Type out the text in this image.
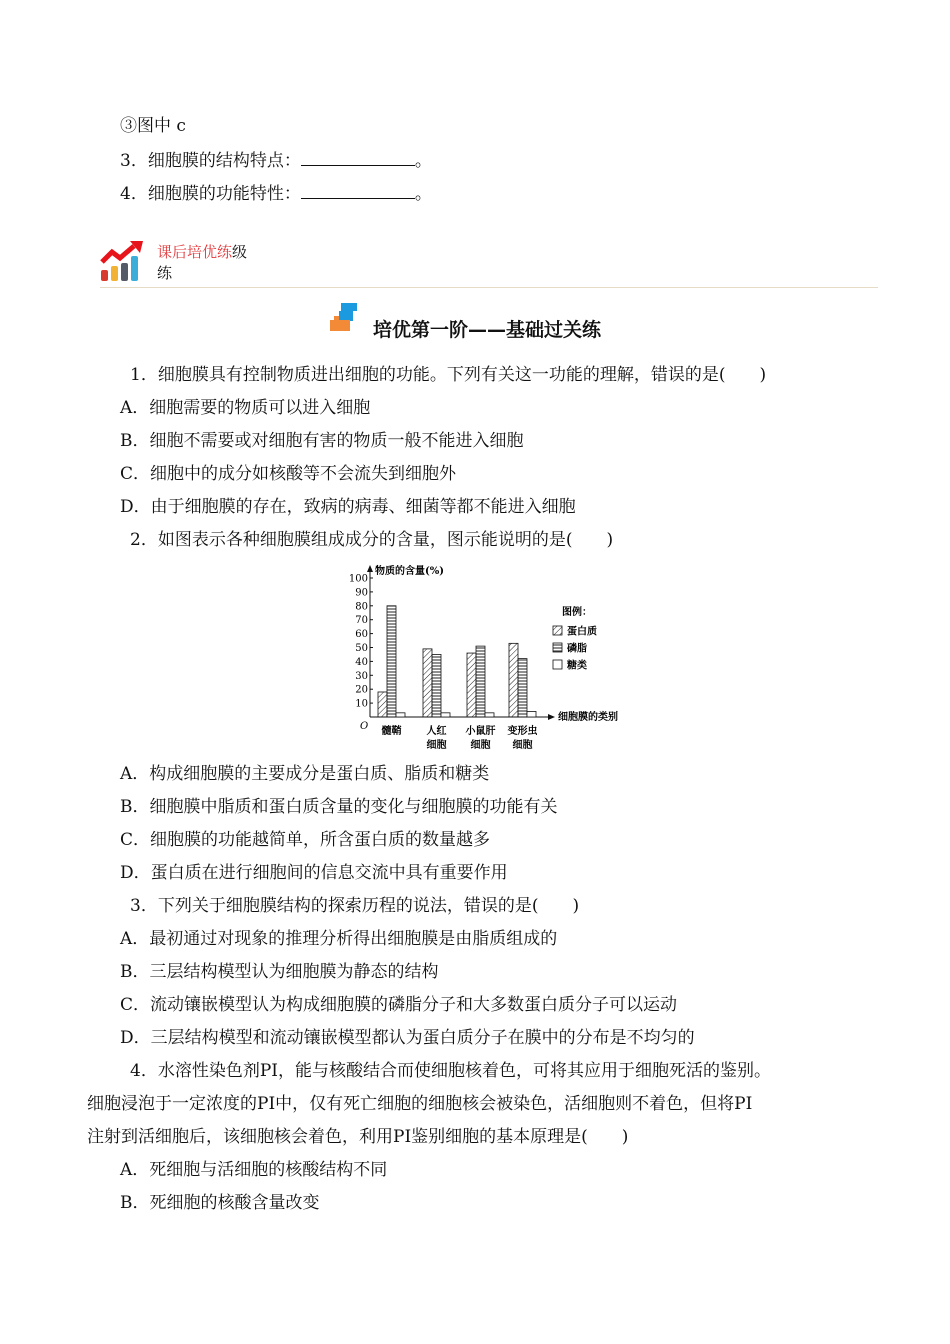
③图中 c
3．细胞膜的结构特点：	。
4．细胞膜的功能特性：	。
课后培优练级
练
培优第一阶——基础过关练
1．细胞膜具有控制物质进出细胞的功能。下列有关这一功能的理解，错误的是(　　)
A．细胞需要的物质可以进入细胞
B．细胞不需要或对细胞有害的物质一般不能进入细胞
C．细胞中的成分如核酸等不会流失到细胞外
D．由于细胞膜的存在，致病的病毒、细菌等都不能进入细胞
2．如图表示各种细胞膜组成成分的含量，图示能说明的是(　　)
物质的含量(%)
细胞膜的类别
O
10
20
30
40
50
60
70
80
90
100
髓鞘	人红
细胞
小鼠肝
细胞
变形虫
细胞
图例：
蛋白质
磷脂
糖类
A．构成细胞膜的主要成分是蛋白质、脂质和糖类
B．细胞膜中脂质和蛋白质含量的变化与细胞膜的功能有关
C．细胞膜的功能越简单，所含蛋白质的数量越多
D．蛋白质在进行细胞间的信息交流中具有重要作用
3．下列关于细胞膜结构的探索历程的说法，错误的是(　　)
A．最初通过对现象的推理分析得出细胞膜是由脂质组成的
B．三层结构模型认为细胞膜为静态的结构
C．流动镶嵌模型认为构成细胞膜的磷脂分子和大多数蛋白质分子可以运动
D．三层结构模型和流动镶嵌模型都认为蛋白质分子在膜中的分布是不均匀的
4．水溶性染色剂PI，能与核酸结合而使细胞核着色，可将其应用于细胞死活的鉴别。
细胞浸泡于一定浓度的PI中，仅有死亡细胞的细胞核会被染色，活细胞则不着色，但将PI
注射到活细胞后，该细胞核会着色，利用PI鉴别细胞的基本原理是(　　)
A．死细胞与活细胞的核酸结构不同
B．死细胞的核酸含量改变
